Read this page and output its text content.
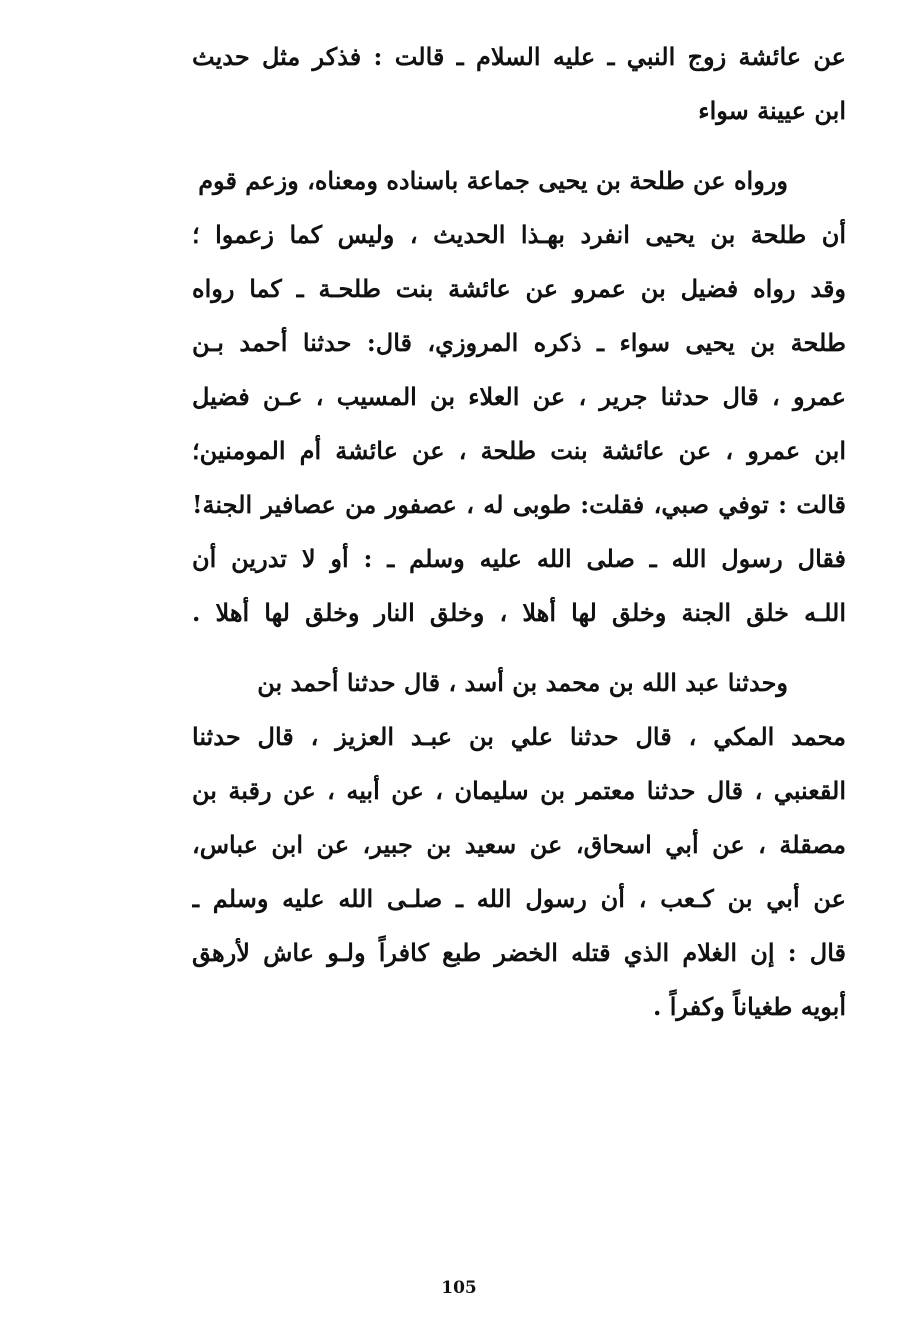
عن عائشة زوج النبي ـ عليه السلام ـ قالت : فذكر مثل حديث
ابن عيينة سواء
ورواه عن طلحة بن يحيى جماعة باسناده ومعناه، وزعم قوم
أن طلحة بن يحيى انفرد بهـذا الحديث ، وليس كما زعموا ؛
وقد رواه فضيل بن عمرو عن عائشة بنت طلحـة ـ كما رواه
طلحة بن يحيى سواء ـ ذكره المروزي، قال: حدثنا أحمد بـن
عمرو ، قال حدثنا جرير ، عن العلاء بن المسيب ، عـن فضيل
ابن عمرو ، عن عائشة بنت طلحة ، عن عائشة أم المومنين؛
قالت : توفي صبي، فقلت: طوبى له ، عصفور من عصافير الجنة!
فقال رسول الله ـ صلى الله عليه وسلم ـ : أو لا تدرين أن
اللـه خلق الجنة وخلق لها أهلا ، وخلق النار وخلق لها أهلا .
وحدثنا عبد الله بن محمد بن أسد ، قال حدثنا أحمد بن
محمد المكي ، قال حدثنا علي بن عبـد العزيز ، قال حدثنا
القعنبي ، قال حدثنا معتمر بن سليمان ، عن أبيه ، عن رقبة بن
مصقلة ، عن أبي اسحاق، عن سعيد بن جبير، عن ابن عباس،
عن أبي بن كـعب ، أن رسول الله ـ صلـى الله عليه وسلم ـ
قال : إن الغلام الذي قتله الخضر طبع كافراً ولـو عاش لأرهق
أبويه طغياناً وكفراً .
105
